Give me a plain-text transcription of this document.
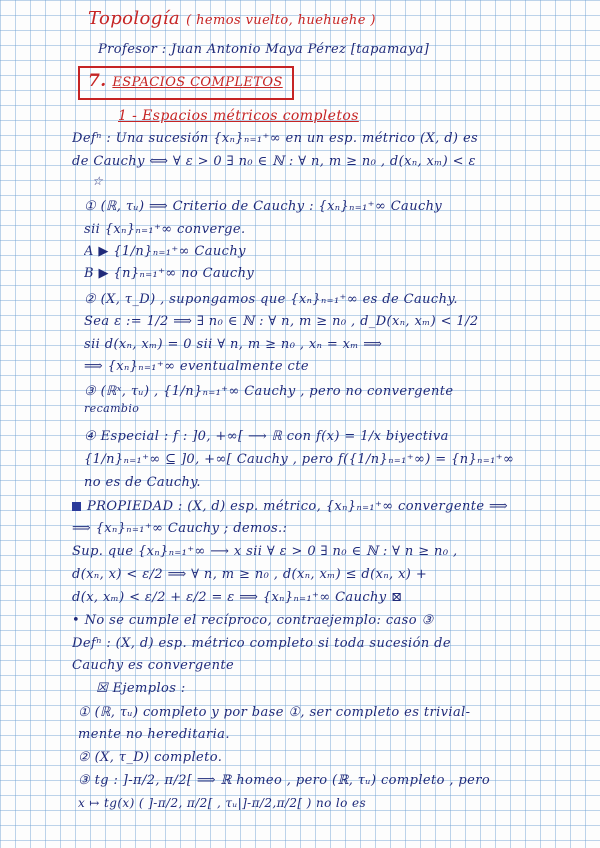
Topología ( hemos vuelto, huehuehe )
Profesor : Juan Antonio Maya Pérez [tapamaya]
7. ESPACIOS COMPLETOS
1 - Espacios métricos completos
Defⁿ : Una sucesión {xₙ}ₙ₌₁⁺∞ en un esp. métrico (X, d) es
de Cauchy ⟺ ∀ ε > 0 ∃ n₀ ∈ ℕ : ∀ n, m ≥ n₀ , d(xₙ, xₘ) < ε
☆
① (ℝ, τᵤ) ⟹ Criterio de Cauchy : {xₙ}ₙ₌₁⁺∞ Cauchy
sii {xₙ}ₙ₌₁⁺∞ converge.
A ▶ {1/n}ₙ₌₁⁺∞ Cauchy
B ▶ {n}ₙ₌₁⁺∞ no Cauchy
② (X, τ_D) , supongamos que {xₙ}ₙ₌₁⁺∞ es de Cauchy.
Sea ε := 1/2 ⟹ ∃ n₀ ∈ ℕ : ∀ n, m ≥ n₀ , d_D(xₙ, xₘ) < 1/2
sii d(xₙ, xₘ) = 0 sii ∀ n, m ≥ n₀ , xₙ = xₘ ⟹
⟹ {xₙ}ₙ₌₁⁺∞ eventualmente cte
③ (ℝˣ, τᵤ) , {1/n}ₙ₌₁⁺∞ Cauchy , pero no convergente
recambio
④ Especial : f : ]0, +∞[ ⟶ ℝ con f(x) = 1/x biyectiva
{1/n}ₙ₌₁⁺∞ ⊆ ]0, +∞[ Cauchy , pero f({1/n}ₙ₌₁⁺∞) = {n}ₙ₌₁⁺∞
no es de Cauchy.
PROPIEDAD : (X, d) esp. métrico, {xₙ}ₙ₌₁⁺∞ convergente ⟹
⟹ {xₙ}ₙ₌₁⁺∞ Cauchy ; demos.:
Sup. que {xₙ}ₙ₌₁⁺∞ ⟶ x sii ∀ ε > 0 ∃ n₀ ∈ ℕ : ∀ n ≥ n₀ ,
d(xₙ, x) < ε/2 ⟹ ∀ n, m ≥ n₀ , d(xₙ, xₘ) ≤ d(xₙ, x) +
d(x, xₘ) < ε/2 + ε/2 = ε ⟹ {xₙ}ₙ₌₁⁺∞ Cauchy ⊠
• No se cumple el recíproco, contraejemplo: caso ③
Defⁿ : (X, d) esp. métrico completo si toda sucesión de
Cauchy es convergente
☒ Ejemplos :
① (ℝ, τᵤ) completo y por base ①, ser completo es trivial-
mente no hereditaria.
② (X, τ_D) completo.
③ tg : ]-π/2, π/2[ ⟹ ℝ homeo , pero (ℝ, τᵤ) completo , pero
x ↦ tg(x) ( ]-π/2, π/2[ , τᵤ|]-π/2,π/2[ ) no lo es
